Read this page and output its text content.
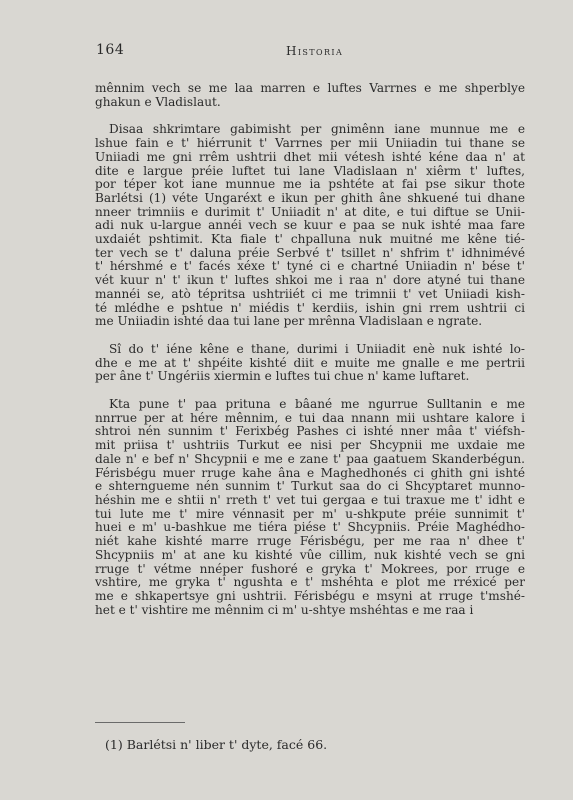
164	Historia
mênnim vech se me laa marren e luftes Varrnes e me shperblye
ghakun e Vladislaut.
Disaa shkrimtare gabimisht per gnimênn iane munnue me e
lshue fain e t' hiérrunit t' Varrnes per mii Uniiadin tui thane se
Uniiadi me gni rrêm ushtrii dhet mii vétesh ishté kéne daa n' at
dite e largue préie luftet tui lane Vladislaan n' xiêrm t' luftes,
por téper kot iane munnue me ia pshtéte at fai pse sikur thote
Barlétsi (1) véte Ungaréxt e ikun per ghith âne shkuené tui dhane
nneer trimniis e durimit t' Uniiadit n' at dite, e tui diftue se Unii-
adi nuk u-largue annéi vech se kuur e paa se nuk ishté maa fare
uxdaiét pshtimit. Kta fiale t' chpalluna nuk muitné me kêne tié-
ter vech se t' daluna préie Serbvé t' tsillet n' shfrim t' idhnimévé
t' hérshmé e t' facés xéxe t' tyné ci e chartné Uniiadin n' bése t'
vét kuur n' t' ikun t' luftes shkoi me i raa n' dore atyné tui thane
mannéi se, atò tépritsa ushtriiét ci me trimnii t' vet Uniiadi kish-
té mlédhe e pshtue n' miédis t' kerdiis, ishin gni rrem ushtrii ci
me Uniiadin ishté daa tui lane per mrênna Vladislaan e ngrate.
Sî do t' iéne kêne e thane, durimi i Uniiadit enè nuk ishté lo-
dhe e me at t' shpéite kishté diit e muite me gnalle e me pertrii
per âne t' Ungériis xiermin e luftes tui chue n' kame luftaret.
Kta pune t' paa prituna e bâané me ngurrue Sulltanin e me
nnrrue per at hére mênnim, e tui daa nnann mii ushtare kalore i
shtroi nén sunnim t' Ferixbég Pashes ci ishté nner mâa t' viéfsh-
mit priisa t' ushtriis Turkut ee nisi per Shcypnii me uxdaie me
dale n' e bef n' Shcypnii e me e zane t' paa gaatuem Skanderbégun.
Férisbégu muer rruge kahe âna e Maghedhonés ci ghith gni ishté
e shterngueme nén sunnim t' Turkut saa do ci Shcyptaret munno-
héshin me e shtii n' rreth t' vet tui gergaa e tui traxue me t' idht e
tui lute me t' mire vénnasit per m' u-shkpute préie sunnimit t'
huei e m' u-bashkue me tiéra piése t' Shcypniis. Préie Maghédho-
niét kahe kishté marre rruge Férisbégu, per me raa n' dhee t'
Shcypniis m' at ane ku kishté vûe cillim, nuk kishté vech se gni
rruge t' vétme nnéper fushoré e gryka t' Mokrees, por rruge e
vshtire, me gryka t' ngushta e t' mshéhta e plot me rréxicé per
me e shkapertsye gni ushtrii. Férisbégu e msyni at rruge t'mshé-
het e t' vishtire me mênnim ci m' u-shtye mshéhtas e me raa i
(1) Barlétsi n' liber t' dyte, facé 66.
